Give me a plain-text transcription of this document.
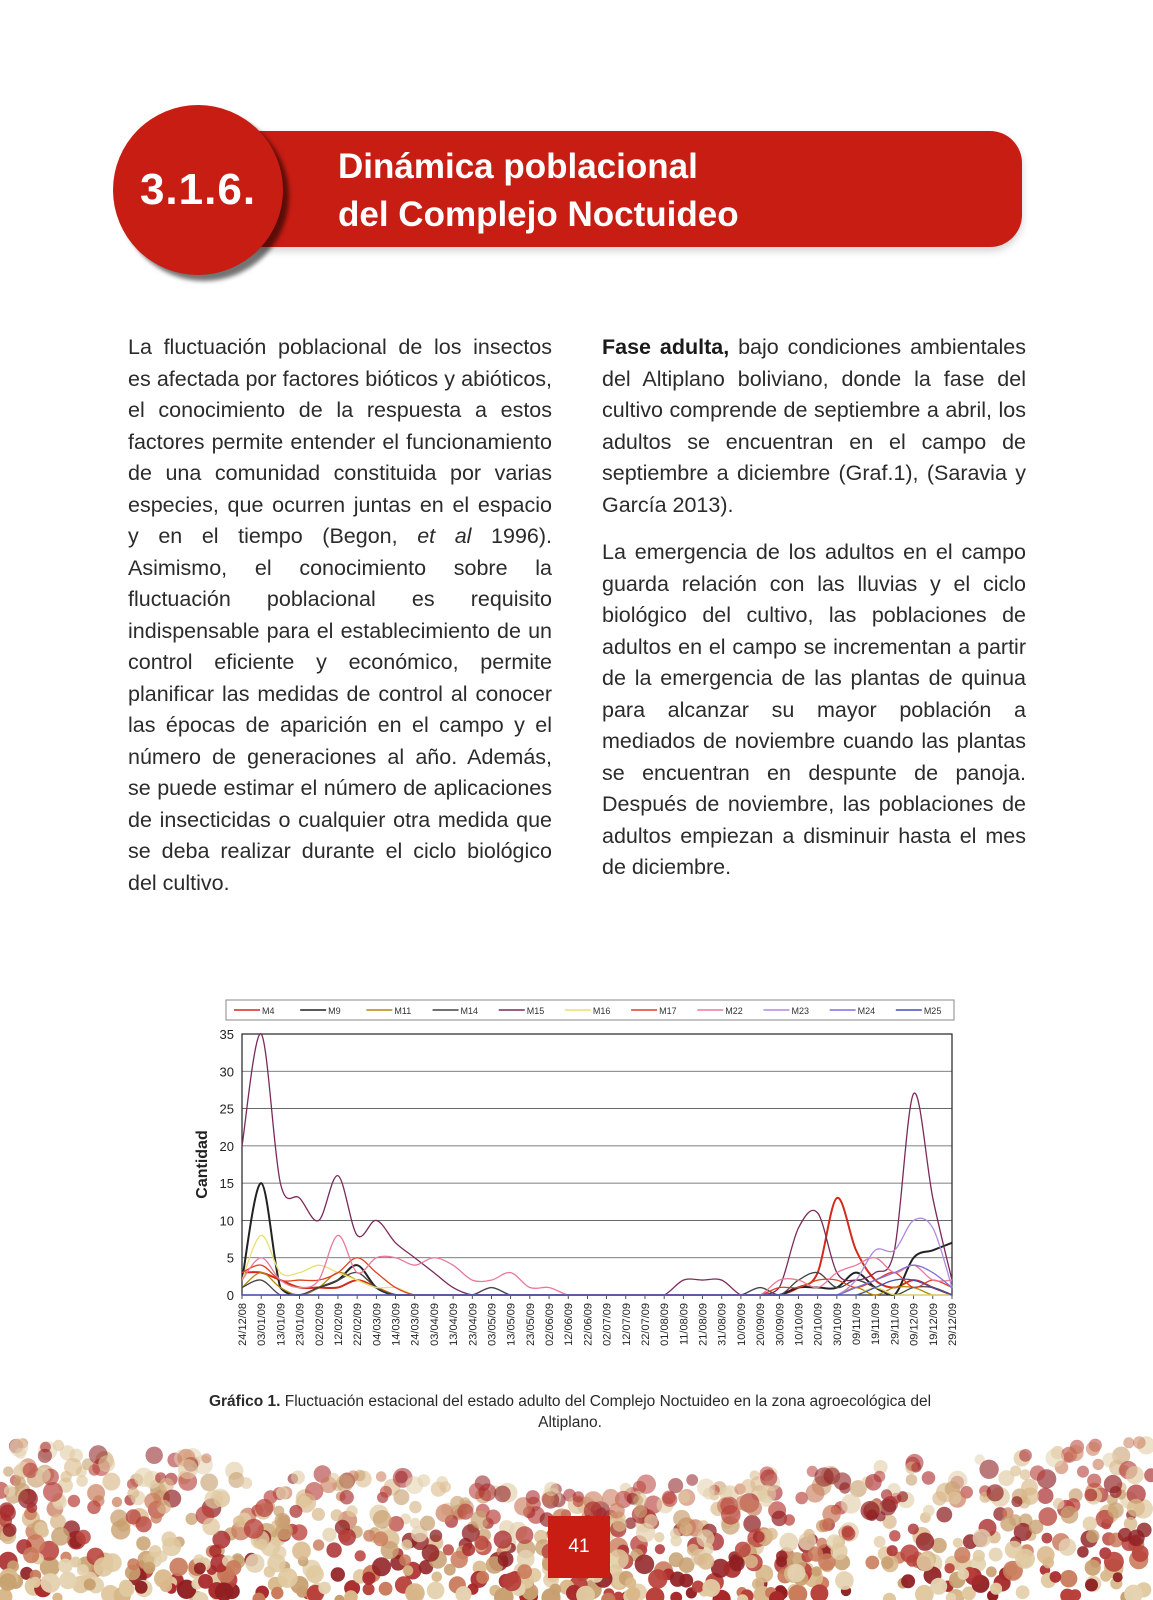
3.1.6.	Dinámica poblacional
del Complejo Noctuideo

La fluctuación poblacional de los insectos es afectada por factores bióticos y abióticos, el conocimiento de la respuesta a estos factores permite entender el funcionamiento de una comunidad constituida por varias especies, que ocurren juntas en el espacio y en el tiempo (Begon, et al 1996). Asimismo, el conocimiento sobre la fluctuación poblacional es requisito indispensable para el establecimiento de un control eficiente y económico, permite planificar las medidas de control al conocer las épocas de aparición en el campo y el número de generaciones al año. Además, se puede estimar el número de aplicaciones de insecticidas o cualquier otra medida que se deba realizar durante el ciclo biológico del cultivo.

Fase adulta, bajo condiciones ambientales del Altiplano boliviano, donde la fase del cultivo comprende de septiembre a abril, los adultos se encuentran en el campo de septiembre a diciembre (Graf.1), (Saravia y García 2013).

La emergencia de los adultos en el campo guarda relación con las lluvias y el ciclo biológico del cultivo, las poblaciones de adultos en el campo se incrementan a partir de la emergencia de las plantas de quinua para alcanzar su mayor población a mediados de noviembre cuando las plantas se encuentran en despunte de panoja. Después de noviembre, las poblaciones de adultos empiezan a disminuir hasta el mes de diciembre.

M4	M9	M11	M14	M15	M16	M17	M22	M23	M24	M25
0
5
10
15
20
25
30
35
Cantidad
24/12/08 03/01/09 13/01/09 23/01/09 02/02/09 12/02/09 22/02/09 04/03/09 14/03/09 24/03/09 03/04/09 13/04/09 23/04/09 03/05/09 13/05/09 23/05/09 02/06/09 12/06/09 22/06/09 02/07/09 12/07/09 22/07/09 01/08/09 11/08/09 21/08/09 31/08/09 10/09/09 20/09/09 30/09/09 10/10/09 20/10/09 30/10/09 09/11/09 19/11/09 29/11/09 09/12/09 19/12/09 29/12/09
Gráfico 1. Fluctuación estacional del estado adulto del Complejo Noctuideo en la zona agroecológica del Altiplano.
41
